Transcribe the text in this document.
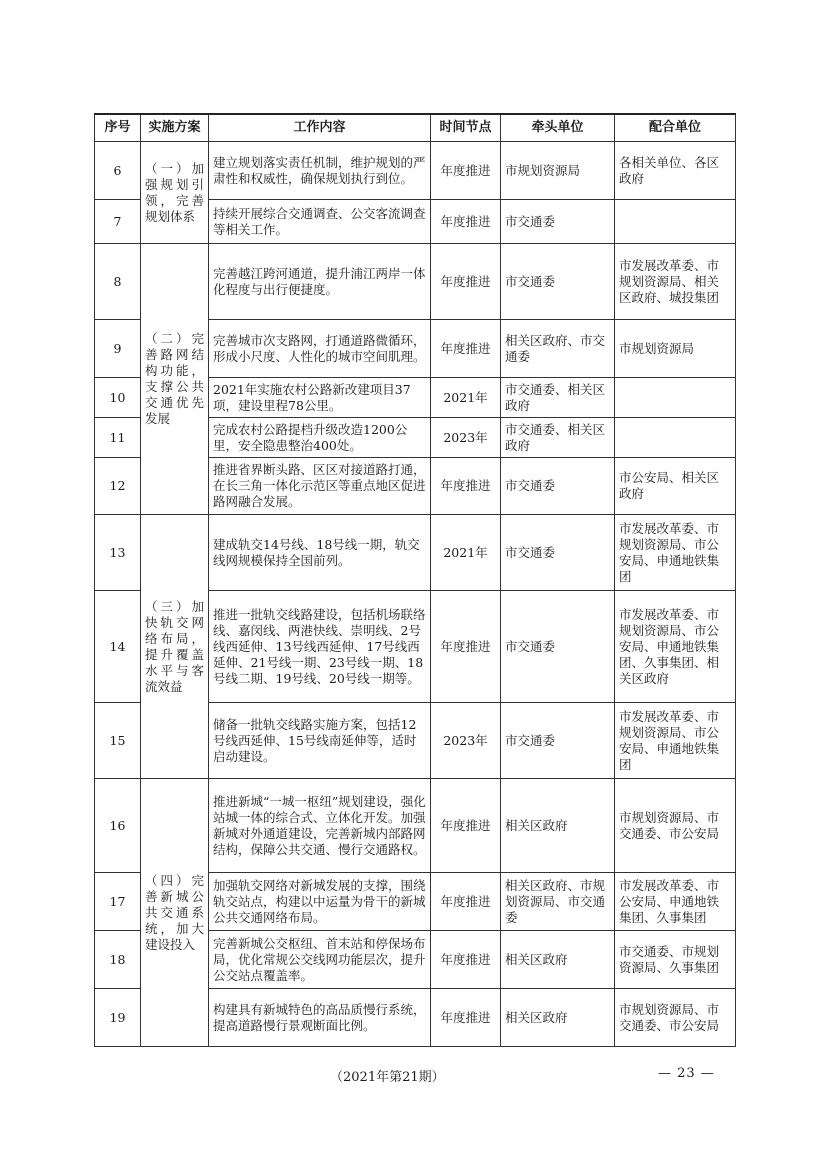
序号	实施方案	工作内容	时间节点	牵头单位	配合单位
6	（一）加强规划引领，完善规划体系	建立规划落实责任机制，维护规划的严肃性和权威性，确保规划执行到位。	年度推进	市规划资源局	各相关单位、各区政府
7		持续开展综合交通调查、公交客流调查等相关工作。	年度推进	市交通委	
8	（二）完善路网结构功能，支撑公共交通优先发展	完善越江跨河通道，提升浦江两岸一体化程度与出行便捷度。	年度推进	市交通委	市发展改革委、市规划资源局、相关区政府、城投集团
9		完善城市次支路网，打通道路微循环，形成小尺度、人性化的城市空间肌理。	年度推进	相关区政府、市交通委	市规划资源局
10		2021年实施农村公路新改建项目37项，建设里程78公里。	2021年	市交通委、相关区政府	
11		完成农村公路提档升级改造1200公里，安全隐患整治400处。	2023年	市交通委、相关区政府	
12		推进省界断头路、区区对接道路打通，在长三角一体化示范区等重点地区促进路网融合发展。	年度推进	市交通委	市公安局、相关区政府
13	（三）加快轨交网络布局，提升覆盖水平与客流效益	建成轨交14号线、18号线一期，轨交线网规模保持全国前列。	2021年	市交通委	市发展改革委、市规划资源局、市公安局、申通地铁集团
14		推进一批轨交线路建设，包括机场联络线、嘉闵线、两港快线、崇明线、2号线西延伸、13号线西延伸、17号线西延伸、21号线一期、23号线一期、18号线二期、19号线、20号线一期等。	年度推进	市交通委	市发展改革委、市规划资源局、市公安局、申通地铁集团、久事集团、相关区政府
15		储备一批轨交线路实施方案，包括12号线西延伸、15号线南延伸等，适时启动建设。	2023年	市交通委	市发展改革委、市规划资源局、市公安局、申通地铁集团
16	（四）完善新城公共交通系统，加大建设投入	推进新城“一城一枢纽”规划建设，强化站城一体的综合式、立体化开发。加强新城对外通道建设，完善新城内部路网结构，保障公共交通、慢行交通路权。	年度推进	相关区政府	市规划资源局、市交通委、市公安局
17		加强轨交网络对新城发展的支撑，围绕轨交站点，构建以中运量为骨干的新城公共交通网络布局。	年度推进	相关区政府、市规划资源局、市交通委	市发展改革委、市公安局、申通地铁集团、久事集团
18		完善新城公交枢纽、首末站和停保场布局，优化常规公交线网功能层次，提升公交站点覆盖率。	年度推进	相关区政府	市交通委、市规划资源局、久事集团
19		构建具有新城特色的高品质慢行系统，提高道路慢行景观断面比例。	年度推进	相关区政府	市规划资源局、市交通委、市公安局
（2021年第21期）	— 23 —
